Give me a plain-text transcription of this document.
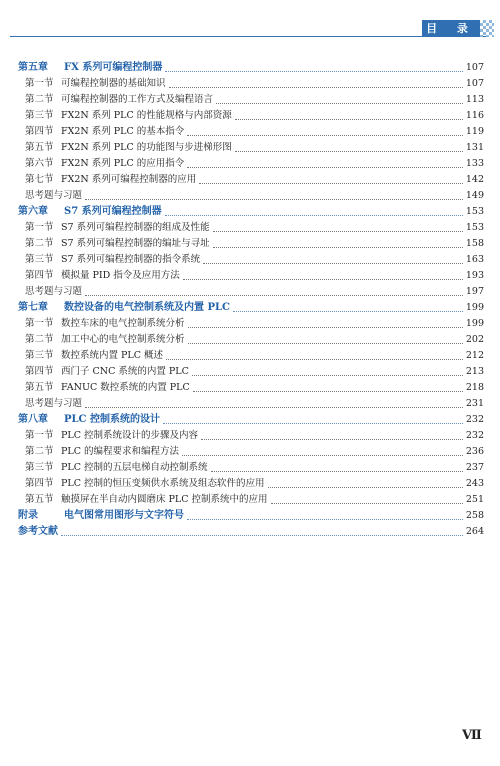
目 录
第五章 FX 系列可编程控制器	107
第一节 可编程控制器的基础知识	107
第二节 可编程控制器的工作方式及编程语言	113
第三节 FX2N 系列 PLC 的性能规格与内部资源	116
第四节 FX2N 系列 PLC 的基本指令	119
第五节 FX2N 系列 PLC 的功能图与步进梯形图	131
第六节 FX2N 系列 PLC 的应用指令	133
第七节 FX2N 系列可编程控制器的应用	142
思考题与习题	149
第六章 S7 系列可编程控制器	153
第一节 S7 系列可编程控制器的组成及性能	153
第二节 S7 系列可编程控制器的编址与寻址	158
第三节 S7 系列可编程控制器的指令系统	163
第四节 模拟量 PID 指令及应用方法	193
思考题与习题	197
第七章 数控设备的电气控制系统及内置 PLC	199
第一节 数控车床的电气控制系统分析	199
第二节 加工中心的电气控制系统分析	202
第三节 数控系统内置 PLC 概述	212
第四节 西门子 CNC 系统的内置 PLC	213
第五节 FANUC 数控系统的内置 PLC	218
思考题与习题	231
第八章 PLC 控制系统的设计	232
第一节 PLC 控制系统设计的步骤及内容	232
第二节 PLC 的编程要求和编程方法	236
第三节 PLC 控制的五层电梯自动控制系统	237
第四节 PLC 控制的恒压变频供水系统及组态软件的应用	243
第五节 触摸屏在半自动内圆磨床 PLC 控制系统中的应用	251
附录	电气图常用图形与文字符号	258
参考文献	264
Ⅶ
